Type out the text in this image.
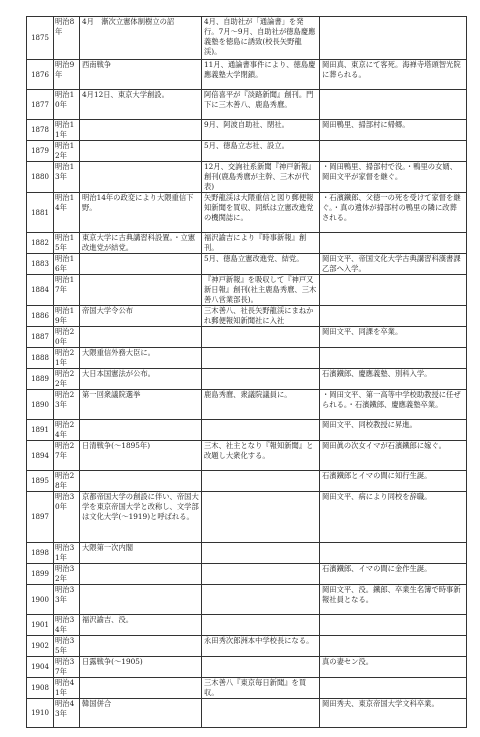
1875	明治8年	4月　漸次立憲体制樹立の詔	4月、自助社が「通論書」を発行。7月～9月、自助社が徳島慶應義塾を徳島に誘致(校長矢野龍渓)。	
1876	明治9年	西南戦争	11月、通論書事件により、徳島慶應義塾大学閉鎖。	岡田真、東京にて客死。海禅寺塔頭智光院に葬られる。
1877	明治10年	4月12日、東京大学創設。	阿倍喜平が『淡路新聞』創刊。門下に三木善八、鹿島秀麿。	
1878	明治11年		9月、阿波自助社、閉社。	岡田鴨里、掃部村に帰郷。
1879	明治12年		5月、徳島立志社、設立。	
1880	明治13年		12月、交詢社系新聞『神戸新報』創刊(鹿島秀麿が主幹、三木が代表)	・岡田鴨里、掃部村で没。・鴨里の女婿、岡田文平が家督を継ぐ。
1881	明治14年	明治14年の政変により大隈重信下野。	矢野龍渓は大隈重信と図り郵便報知新聞を買収、同紙は立憲改進党の機関誌に。	・石濱鐵郎、父徳一の死を受けて家督を継ぐ。・真の遺体が掃部村の鴨里の隣に改葬される。
1882	明治15年	東京大学に古典講習科設置。・立憲改進党が結党。	福沢諭吉により『時事新報』創刊。	
1883	明治16年		5月、徳島立憲改進党、結党。	岡田文平、帝国文化大学古典講習科漢書課乙部へ入学。
1884	明治17年		『神戸新報』を吸収して『神戸又新日報』創刊(社主鹿島秀麿、三木善八営業部長)。	
1886	明治19年	帝国大学令公布	三木善八、社長矢野龍渓にまねかれ郵便報知新聞社に入社	
1887	明治20年			岡田文平、同課を卒業。
1888	明治21年	大隈重信外務大臣に。		
1889	明治22年	大日本国憲法が公布。		石濱鐵郎、慶應義塾、別科入学。
1890	明治23年	第一回衆議院選挙	鹿島秀麿、衆議院議員に。	・岡田文平、第一高等中学校助教授に任ぜられる。・石濱鐵郎、慶應義塾卒業。
1891	明治24年			岡田文平、同校教授に昇進。
1894	明治27年	日清戦争(～1895年)	三木、社主となり『報知新聞』と改題し大衆化する。	岡田眞の次女イマが石濱鐵郎に嫁ぐ。
1895	明治28年			石濱鐵郎とイマの間に知行生誕。
1897	明治30年	京都帝国大学の創設に伴い、帝国大学を東京帝国大学と改称し、文学部は文化大学(～1919)と呼ばれる。		岡田文平、病により同校を辞職。
1898	明治31年	大隈第一次内閣		
1899	明治32年			石濱鐵郎、イマの間に金作生誕。
1900	明治33年			岡田文平、没。鐵郎、卒業生名簿で時事新報社員となる。
1901	明治34年	福沢諭吉、没。		
1902	明治35年		永田秀次郎洲本中学校長になる。	
1904	明治37年	日露戦争(～1905)		真の妻セン没。
1908	明治41年		三木善八『東京毎日新聞』を買収。	
1910	明治43年	韓国併合		岡田秀夫、東京帝国大学文科卒業。
